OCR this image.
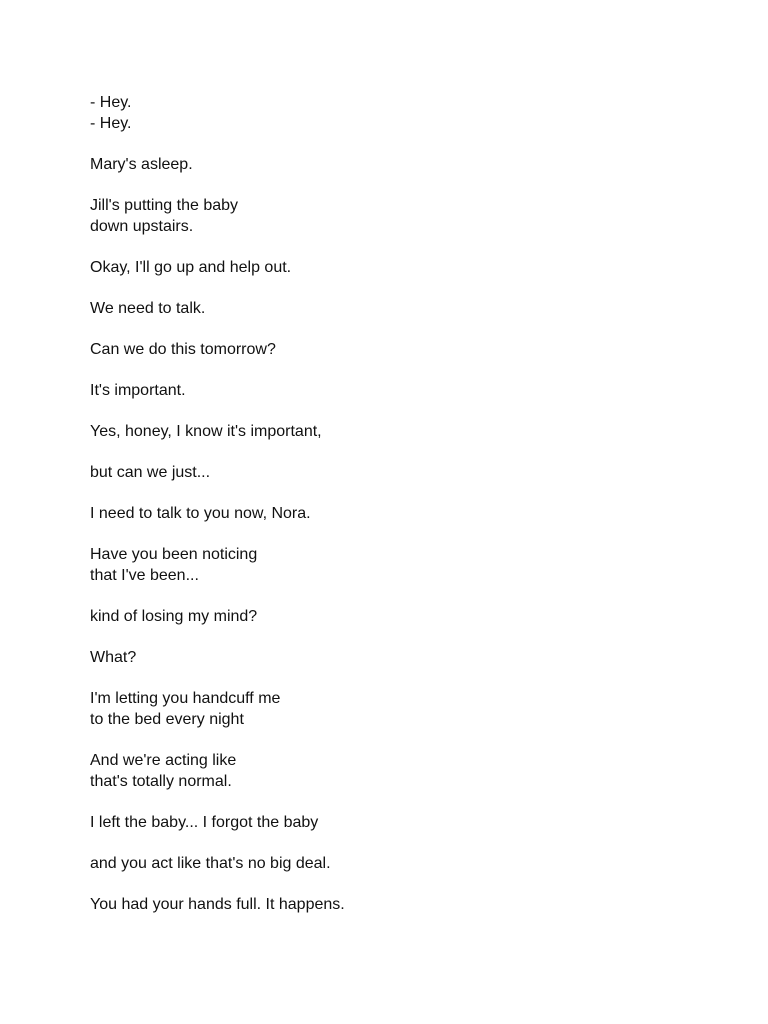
- Hey.
- Hey.
Mary's asleep.
Jill's putting the baby
down upstairs.
Okay, I'll go up and help out.
We need to talk.
Can we do this tomorrow?
It's important.
Yes, honey, I know it's important,
but can we just...
I need to talk to you now, Nora.
Have you been noticing
that I've been...
kind of losing my mind?
What?
I'm letting you handcuff me
to the bed every night
And we're acting like
that's totally normal.
I left the baby... I forgot the baby
and you act like that's no big deal.
You had your hands full. It happens.
